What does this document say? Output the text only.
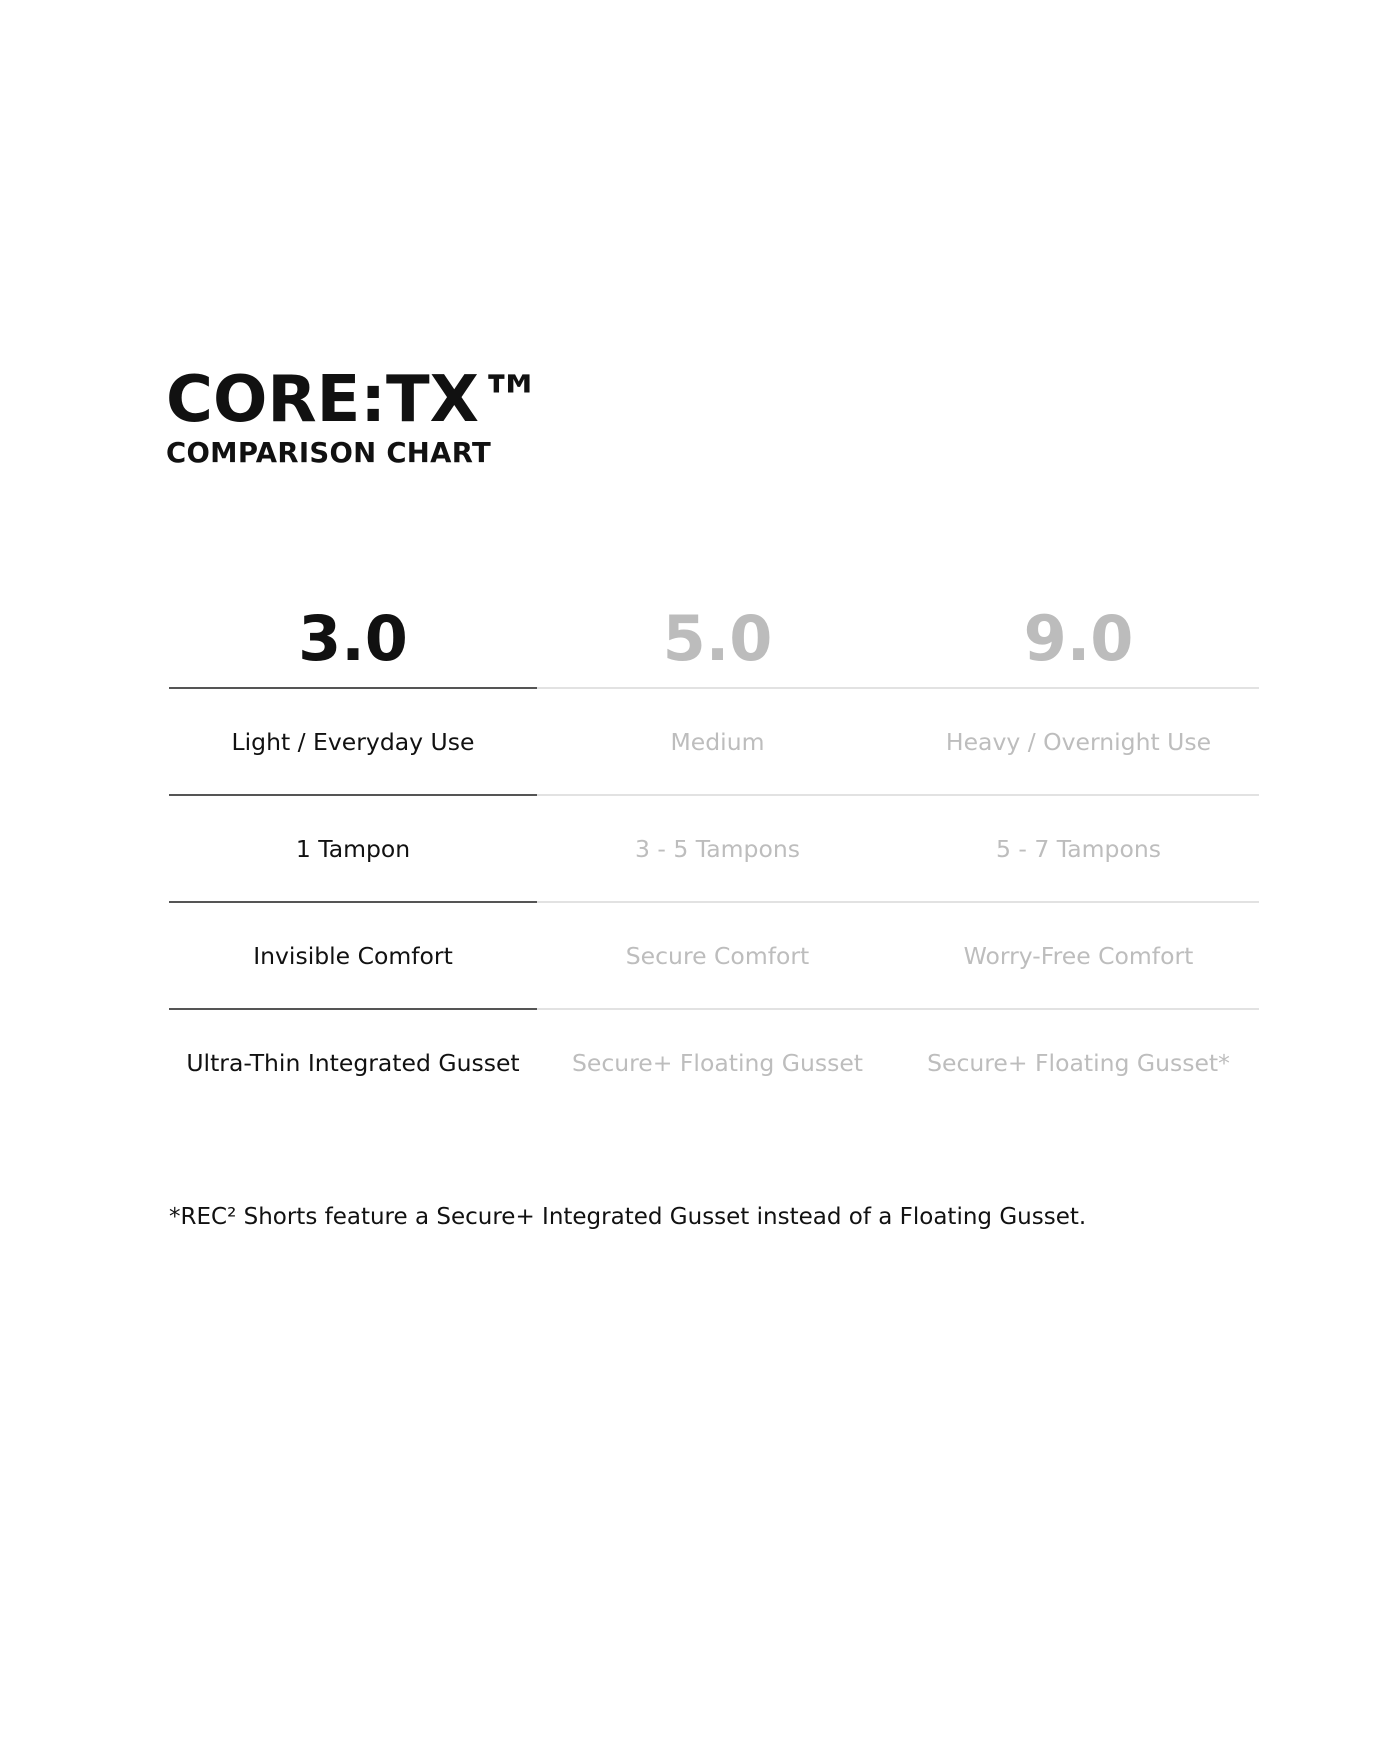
CORE:TX™
COMPARISON CHART
3.0	5.0	9.0
Light / Everyday Use	Medium	Heavy / Overnight Use
1 Tampon	3 - 5 Tampons	5 - 7 Tampons
Invisible Comfort	Secure Comfort	Worry-Free Comfort
Ultra-Thin Integrated Gusset	Secure+ Floating Gusset	Secure+ Floating Gusset*
*REC² Shorts feature a Secure+ Integrated Gusset instead of a Floating Gusset.
